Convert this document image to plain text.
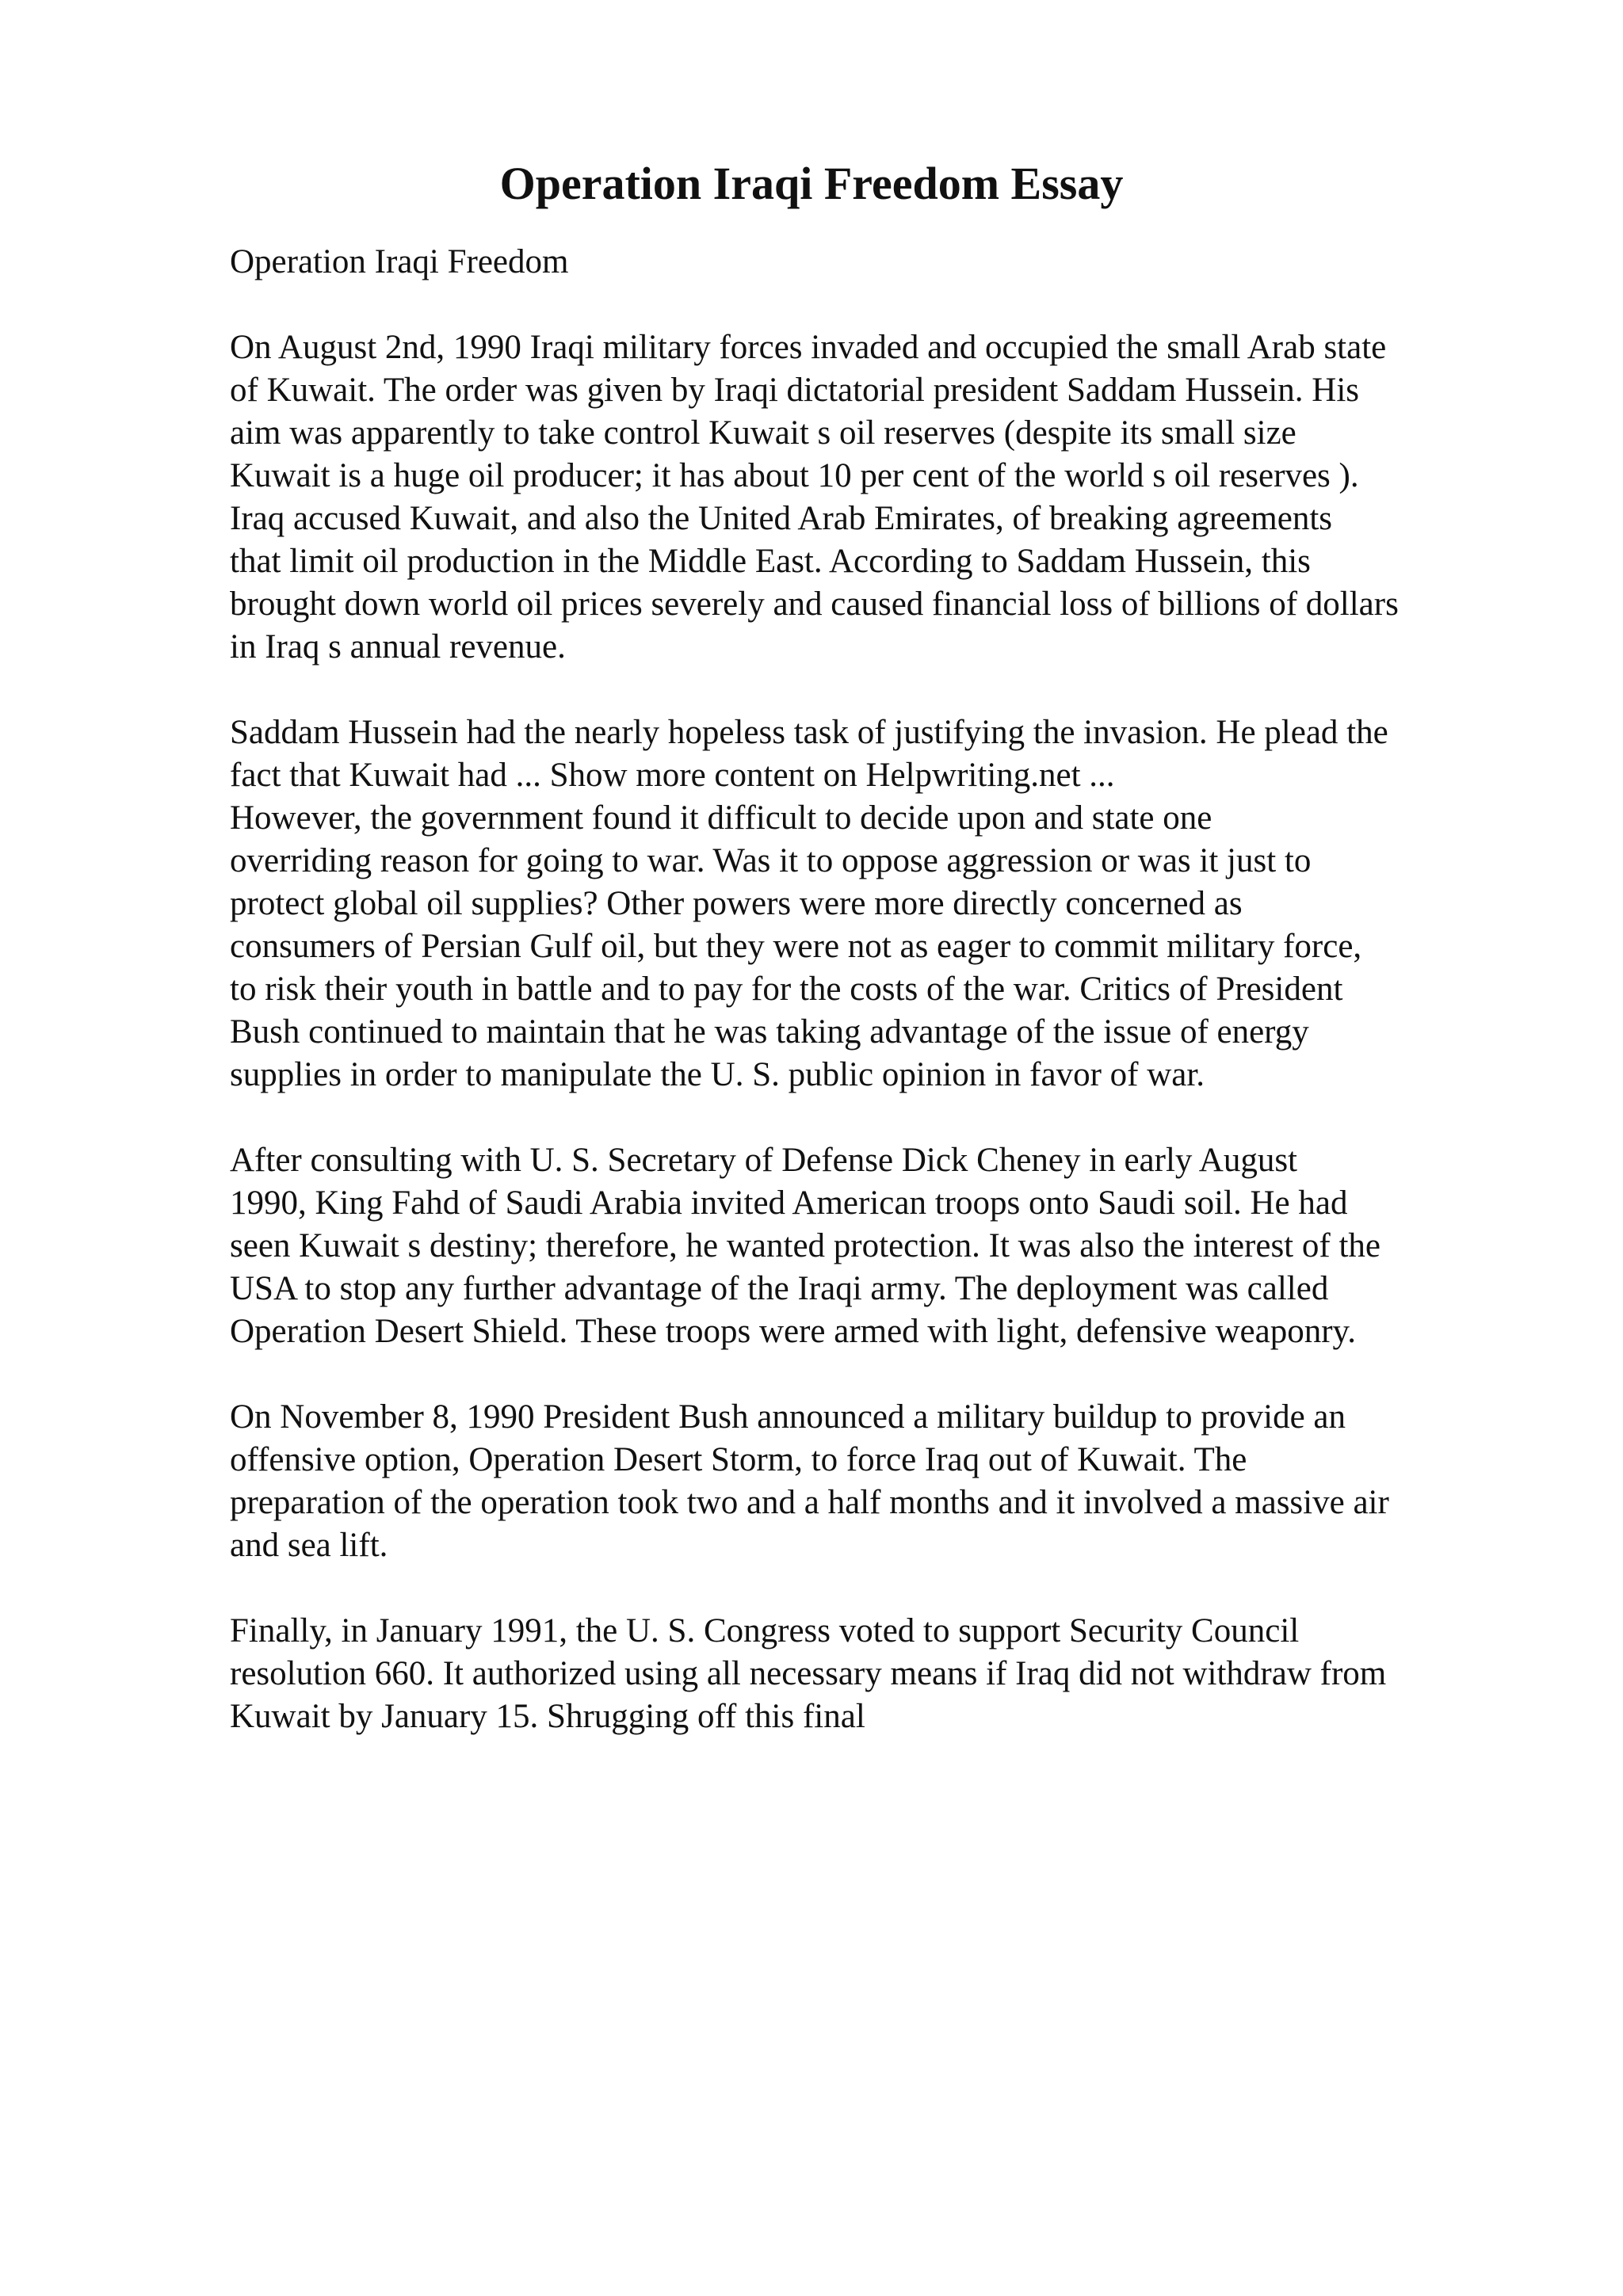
Operation Iraqi Freedom Essay

Operation Iraqi Freedom

On August 2nd, 1990 Iraqi military forces invaded and occupied the small Arab state
of Kuwait. The order was given by Iraqi dictatorial president Saddam Hussein. His
aim was apparently to take control Kuwait s oil reserves (despite its small size
Kuwait is a huge oil producer; it has about 10 per cent of the world s oil reserves ).
Iraq accused Kuwait, and also the United Arab Emirates, of breaking agreements
that limit oil production in the Middle East. According to Saddam Hussein, this
brought down world oil prices severely and caused financial loss of billions of dollars
in Iraq s annual revenue.

Saddam Hussein had the nearly hopeless task of justifying the invasion. He plead the
fact that Kuwait had ... Show more content on Helpwriting.net ...

However, the government found it difficult to decide upon and state one
overriding reason for going to war. Was it to oppose aggression or was it just to
protect global oil supplies? Other powers were more directly concerned as
consumers of Persian Gulf oil, but they were not as eager to commit military force,
to risk their youth in battle and to pay for the costs of the war. Critics of President
Bush continued to maintain that he was taking advantage of the issue of energy
supplies in order to manipulate the U. S. public opinion in favor of war.

After consulting with U. S. Secretary of Defense Dick Cheney in early August
1990, King Fahd of Saudi Arabia invited American troops onto Saudi soil. He had
seen Kuwait s destiny; therefore, he wanted protection. It was also the interest of the
USA to stop any further advantage of the Iraqi army. The deployment was called
Operation Desert Shield. These troops were armed with light, defensive weaponry.

On November 8, 1990 President Bush announced a military buildup to provide an
offensive option, Operation Desert Storm, to force Iraq out of Kuwait. The
preparation of the operation took two and a half months and it involved a massive air
and sea lift.

Finally, in January 1991, the U. S. Congress voted to support Security Council
resolution 660. It authorized using all necessary means if Iraq did not withdraw from
Kuwait by January 15. Shrugging off this final
